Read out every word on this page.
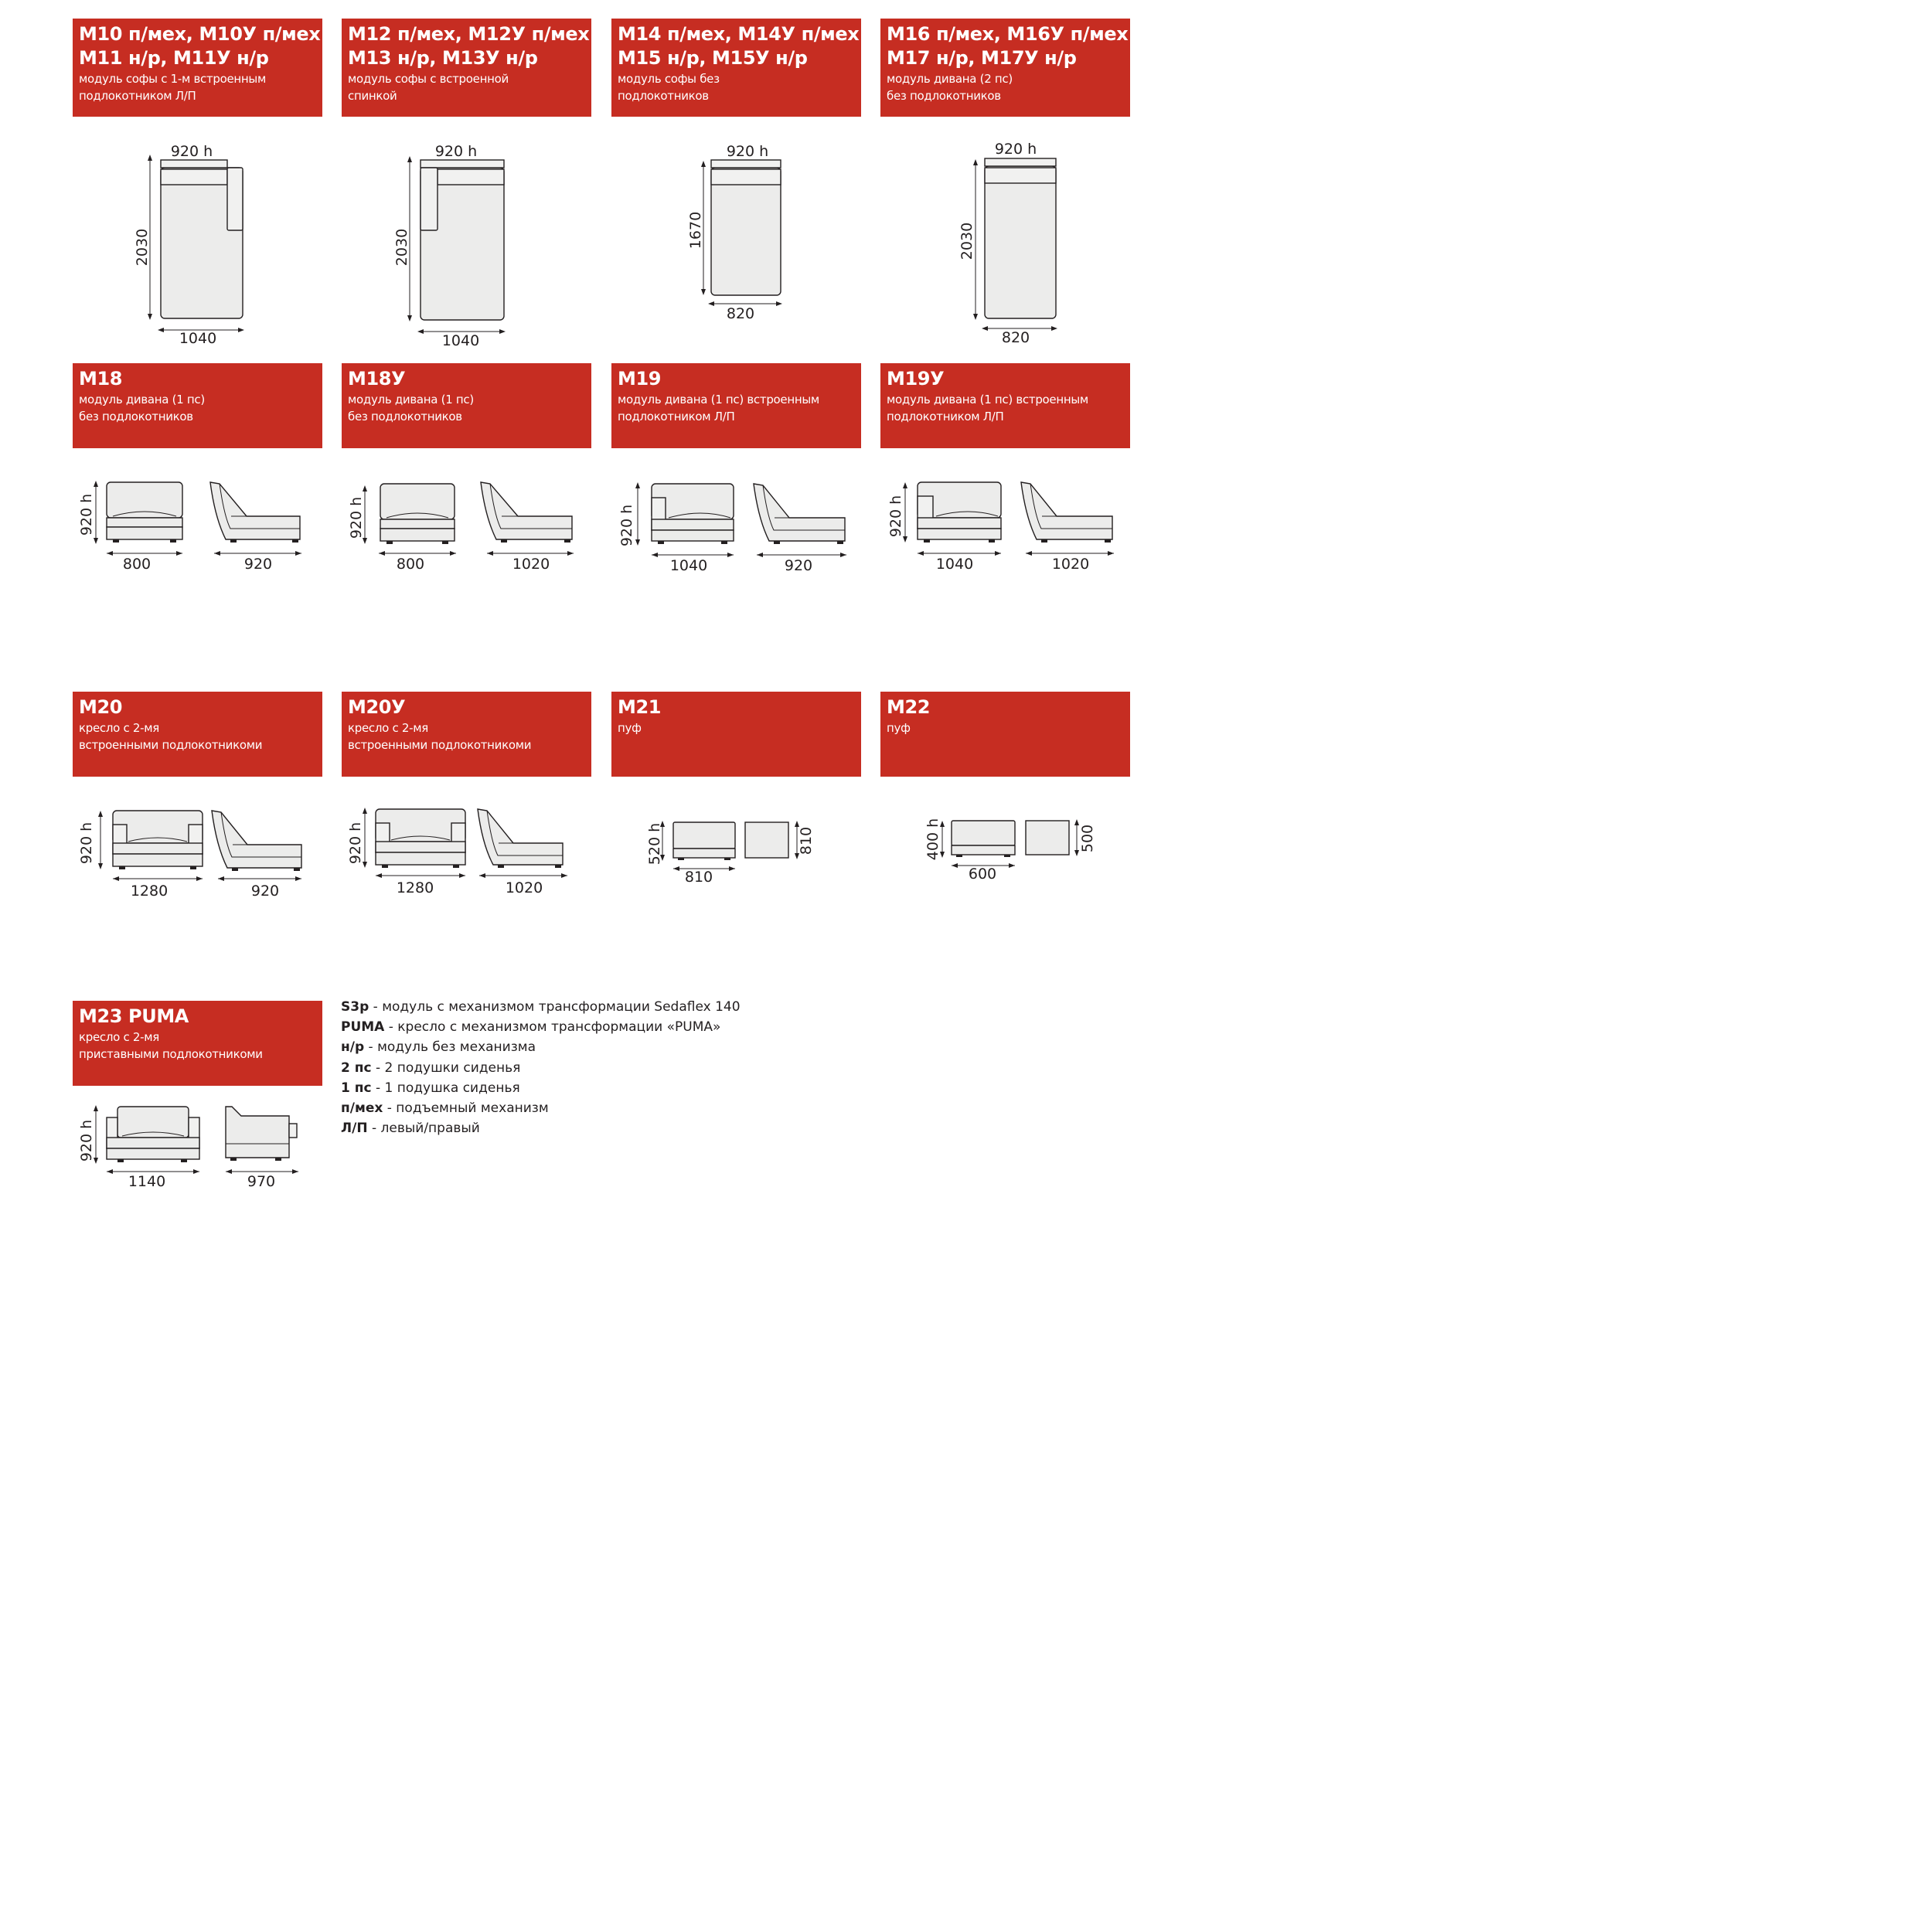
М10 п/мех, М10У п/мех
М11 н/р, М11У н/р
модуль софы с 1-м встроенным
подлокотником Л/П
М12 п/мех, М12У п/мех
М13 н/р, М13У н/р
модуль софы с встроенной
спинкой
М14 п/мех, М14У п/мех
М15 н/р, М15У н/р
модуль софы без
подлокотников
М16 п/мех, М16У п/мех
М17 н/р, М17У н/р
модуль дивана (2 пс)
без подлокотников
920 h
2030
1040
920 h
2030
1040
920 h
1670
820
920 h
2030
820
М18
модуль дивана (1 пс)
без подлокотников
М18У
модуль дивана (1 пс)
без подлокотников
М19
модуль дивана (1 пс) встроенным
подлокотником Л/П
М19У
модуль дивана (1 пс) встроенным
подлокотником Л/П
920 h
800	920
920 h
800	1020
920 h
1040	920
920 h
1040	1020
М20
кресло с 2-мя
встроенными подлокотникоми
М20У
кресло с 2-мя
встроенными подлокотникоми
М21
пуф
М22
пуф
920 h
1280	920
920 h
1280	1020
520 h
810
810	400 h
600
500
М23 PUMA
кресло с 2-мя
приставными подлокотникоми
920 h
1140	970
S3p - модуль с механизмом трансформации Sedaflex 140
PUMA - кресло с механизмом трансформации «PUMA»
н/р - модуль без механизма
2 пс - 2 подушки сиденья
1 пс - 1 подушка сиденья
п/мех - подъемный механизм
Л/П - левый/правый
